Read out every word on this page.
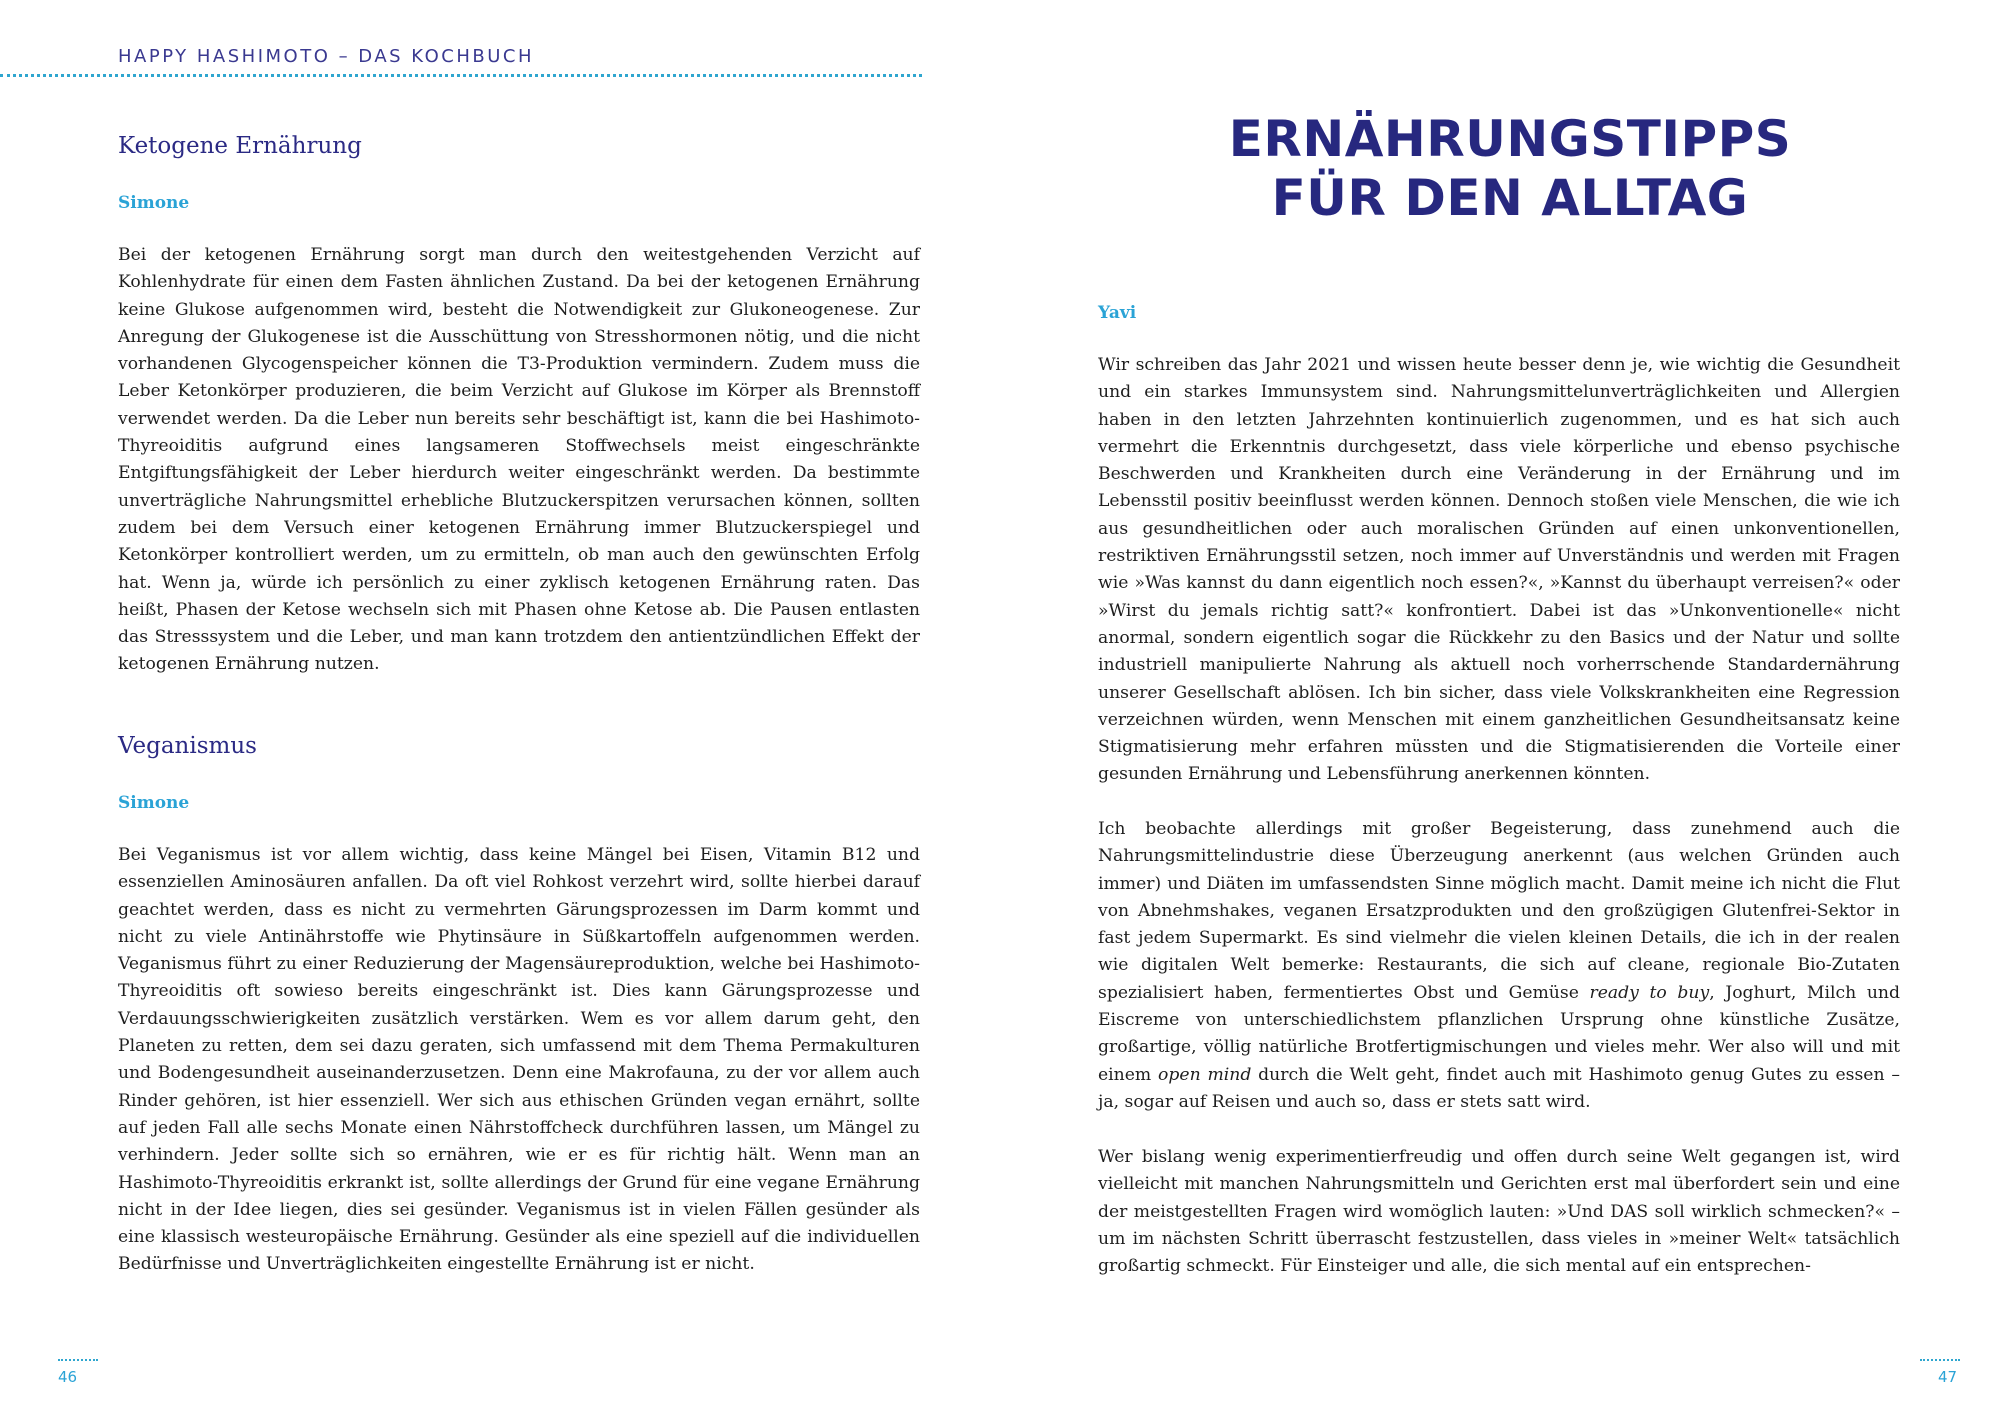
HAPPY HASHIMOTO – DAS KOCHBUCH
Ketogene Ernährung
Simone

Bei der ketogenen Ernährung sorgt man durch den weitestgehenden Verzicht auf Kohlenhydrate für einen dem Fasten ähnlichen Zustand. Da bei der ketogenen Ernährung keine Glukose aufgenommen wird, besteht die Notwendigkeit zur Glukoneogenese. Zur Anregung der Glukogenese ist die Ausschüttung von Stresshormonen nötig, und die nicht vorhandenen Glycogenspeicher können die T3-Produktion vermindern. Zudem muss die Leber Ketonkörper produzieren, die beim Verzicht auf Glukose im Körper als Brennstoff verwendet werden. Da die Leber nun bereits sehr beschäftigt ist, kann die bei Hashimoto-Thyreoiditis aufgrund eines langsameren Stoffwechsels meist eingeschränkte Entgiftungsfähigkeit der Leber hierdurch weiter eingeschränkt werden. Da bestimmte unverträgliche Nahrungsmittel erhebliche Blutzuckerspitzen verursachen können, sollten zudem bei dem Versuch einer ketogenen Ernährung immer Blutzuckerspiegel und Ketonkörper kontrolliert werden, um zu ermitteln, ob man auch den gewünschten Erfolg hat. Wenn ja, würde ich persönlich zu einer zyklisch ketogenen Ernährung raten. Das heißt, Phasen der Ketose wechseln sich mit Phasen ohne Ketose ab. Die Pausen entlasten das Stresssystem und die Leber, und man kann trotzdem den antientzündlichen Effekt der ketogenen Ernährung nutzen.

Veganismus
Simone

Bei Veganismus ist vor allem wichtig, dass keine Mängel bei Eisen, Vitamin B12 und essenziellen Aminosäuren anfallen. Da oft viel Rohkost verzehrt wird, sollte hierbei darauf geachtet werden, dass es nicht zu vermehrten Gärungsprozessen im Darm kommt und nicht zu viele Antinährstoffe wie Phytinsäure in Süßkartoffeln aufgenommen werden. Veganismus führt zu einer Reduzierung der Magensäureproduktion, welche bei Hashimoto-Thyreoiditis oft sowieso bereits eingeschränkt ist. Dies kann Gärungsprozesse und Verdauungsschwierigkeiten zusätzlich verstärken. Wem es vor allem darum geht, den Planeten zu retten, dem sei dazu geraten, sich umfassend mit dem Thema Permakulturen und Bodengesundheit auseinanderzusetzen. Denn eine Makrofauna, zu der vor allem auch Rinder gehören, ist hier essenziell. Wer sich aus ethischen Gründen vegan ernährt, sollte auf jeden Fall alle sechs Monate einen Nährstoffcheck durchführen lassen, um Mängel zu verhindern. Jeder sollte sich so ernähren, wie er es für richtig hält. Wenn man an Hashimoto-Thyreoiditis erkrankt ist, sollte allerdings der Grund für eine vegane Ernährung nicht in der Idee liegen, dies sei gesünder. Veganismus ist in vielen Fällen gesünder als eine klassisch westeuropäische Ernährung. Gesünder als eine speziell auf die individuellen Bedürfnisse und Unverträglichkeiten eingestellte Ernährung ist er nicht.

46
ERNÄHRUNGSTIPPS
FÜR DEN ALLTAG
Yavi

Wir schreiben das Jahr 2021 und wissen heute besser denn je, wie wichtig die Gesundheit und ein starkes Immunsystem sind. Nahrungsmittelunverträglichkeiten und Allergien haben in den letzten Jahrzehnten kontinuierlich zugenommen, und es hat sich auch vermehrt die Erkenntnis durchgesetzt, dass viele körperliche und ebenso psychische Beschwerden und Krankheiten durch eine Veränderung in der Ernährung und im Lebensstil positiv beeinflusst werden können. Dennoch stoßen viele Menschen, die wie ich aus gesundheitlichen oder auch moralischen Gründen auf einen unkonventionellen, restriktiven Ernährungsstil setzen, noch immer auf Unverständnis und werden mit Fragen wie »Was kannst du dann eigentlich noch essen?«, »Kannst du überhaupt verreisen?« oder »Wirst du jemals richtig satt?« konfrontiert. Dabei ist das »Unkonventionelle« nicht anormal, sondern eigentlich sogar die Rückkehr zu den Basics und der Natur und sollte industriell manipulierte Nahrung als aktuell noch vorherrschende Standardernährung unserer Gesellschaft ablösen. Ich bin sicher, dass viele Volkskrankheiten eine Regression verzeichnen würden, wenn Menschen mit einem ganzheitlichen Gesundheitsansatz keine Stigmatisierung mehr erfahren müssten und die Stigmatisierenden die Vorteile einer gesunden Ernährung und Lebensführung anerkennen könnten.

Ich beobachte allerdings mit großer Begeisterung, dass zunehmend auch die Nahrungsmittelindustrie diese Überzeugung anerkennt (aus welchen Gründen auch immer) und Diäten im umfassendsten Sinne möglich macht. Damit meine ich nicht die Flut von Abnehmshakes, veganen Ersatzprodukten und den großzügigen Glutenfrei-Sektor in fast jedem Supermarkt. Es sind vielmehr die vielen kleinen Details, die ich in der realen wie digitalen Welt bemerke: Restaurants, die sich auf cleane, regionale Bio-Zutaten spezialisiert haben, fermentiertes Obst und Gemüse ready to buy, Joghurt, Milch und Eiscreme von unterschiedlichstem pflanzlichen Ursprung ohne künstliche Zusätze, großartige, völlig natürliche Brotfertigmischungen und vieles mehr. Wer also will und mit einem open mind durch die Welt geht, findet auch mit Hashimoto genug Gutes zu essen – ja, sogar auf Reisen und auch so, dass er stets satt wird.

Wer bislang wenig experimentierfreudig und offen durch seine Welt gegangen ist, wird vielleicht mit manchen Nahrungsmitteln und Gerichten erst mal überfordert sein und eine der meistgestellten Fragen wird womöglich lauten: »Und DAS soll wirklich schmecken?« – um im nächsten Schritt überrascht festzustellen, dass vieles in »meiner Welt« tatsächlich großartig schmeckt. Für Einsteiger und alle, die sich mental auf ein entsprechen-

47
